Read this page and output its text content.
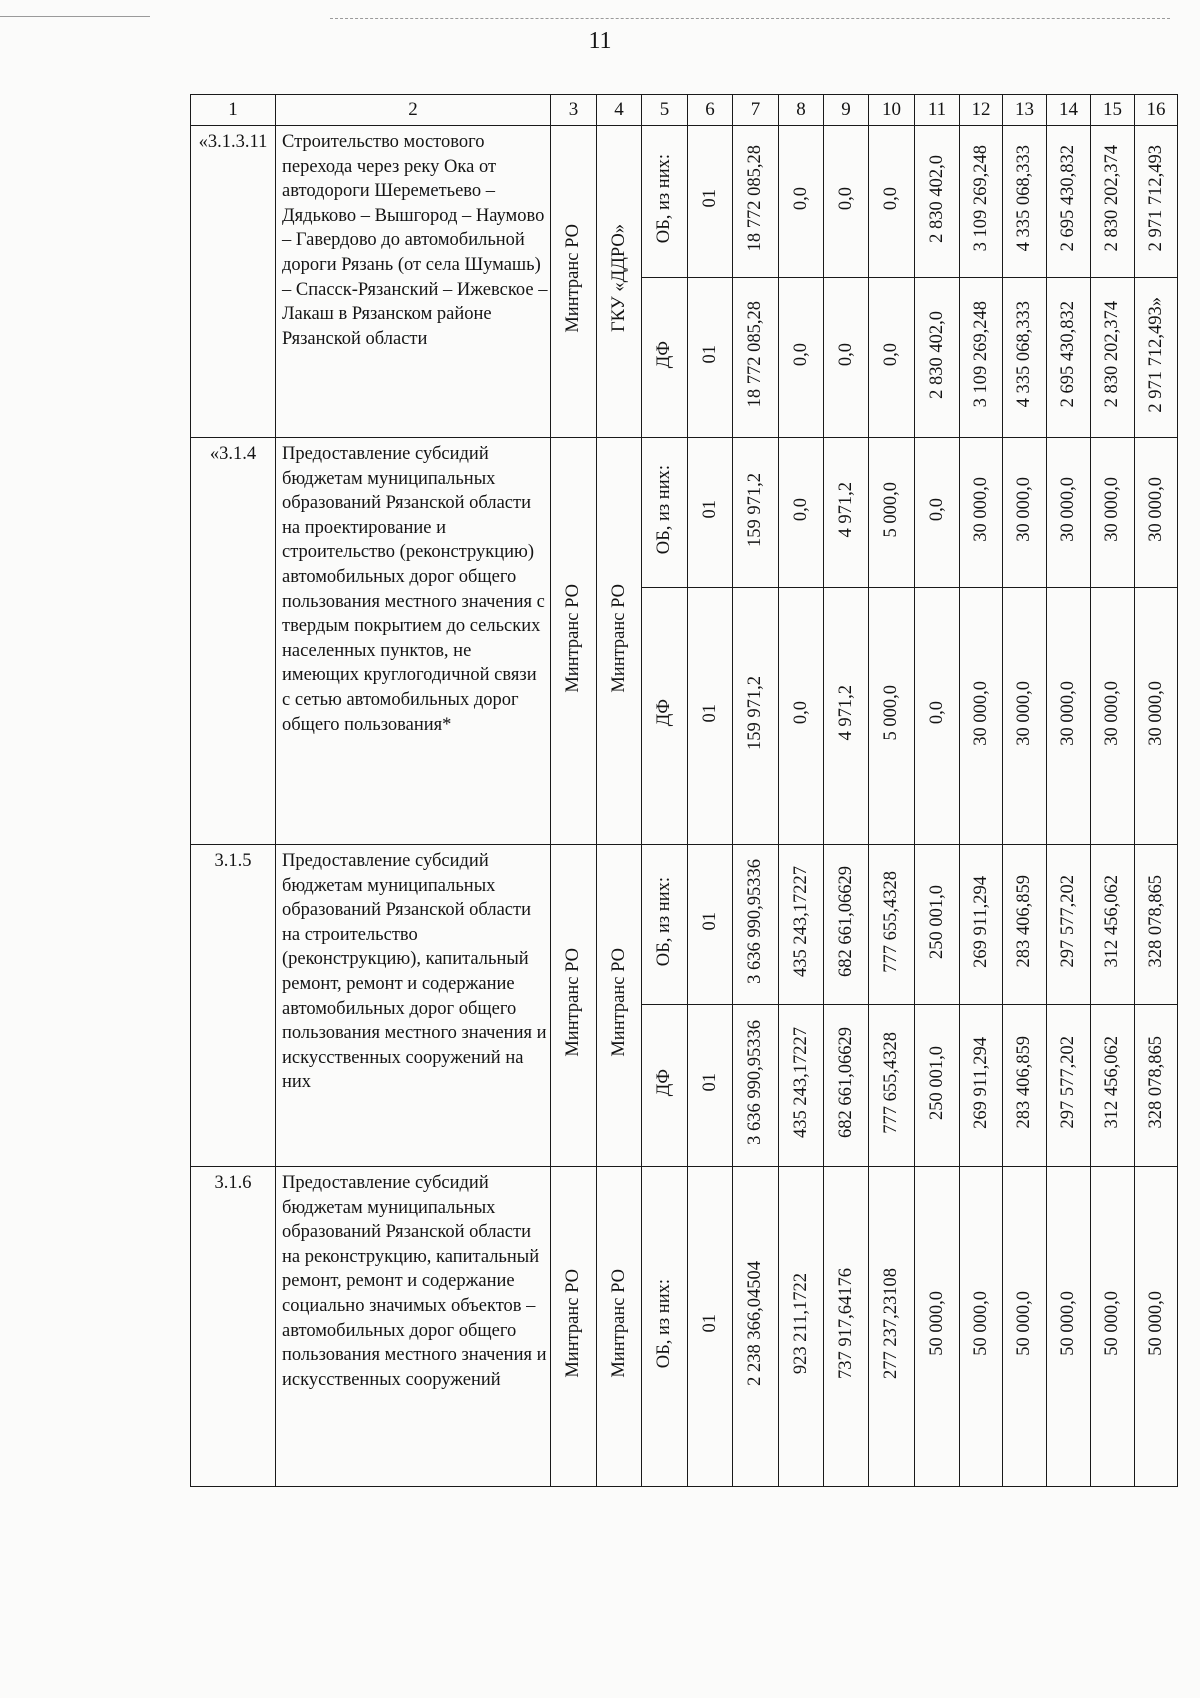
11
1	2	3	4	5	6	7	8	9	10	11	12	13	14	15	16
«3.1.3.11	Строительство мостового перехода через реку Ока от автодороги Шереметьево – Дядьково – Вышгород – Наумово – Гавердово до автомобильной дороги Рязань (от села Шумашь) – Спасск-Рязанский – Ижевское – Лакаш в Рязанском районе Рязанской области	Минтранс РО	ГКУ «ДДРО»	ОБ, из них:	01	18 772 085,28	0,0	0,0	0,0	2 830 402,0	3 109 269,248	4 335 068,333	2 695 430,832	2 830 202,374	2 971 712,493
				ДФ	01	18 772 085,28	0,0	0,0	0,0	2 830 402,0	3 109 269,248	4 335 068,333	2 695 430,832	2 830 202,374	2 971 712,493»
«3.1.4	Предоставление субсидий бюджетам муниципальных образований Рязанской области на проектирование и строительство (реконструкцию) автомобильных дорог общего пользования местного значения с твердым покрытием до сельских населенных пунктов, не имеющих круглогодичной связи с сетью автомобильных дорог общего пользования*	Минтранс РО	Минтранс РО	ОБ, из них:	01	159 971,2	0,0	4 971,2	5 000,0	0,0	30 000,0	30 000,0	30 000,0	30 000,0	30 000,0
				ДФ	01	159 971,2	0,0	4 971,2	5 000,0	0,0	30 000,0	30 000,0	30 000,0	30 000,0	30 000,0
3.1.5	Предоставление субсидий бюджетам муниципальных образований Рязанской области на строительство (реконструкцию), капитальный ремонт, ремонт и содержание автомобильных дорог общего пользования местного значения и искусственных сооружений на них	Минтранс РО	Минтранс РО	ОБ, из них:	01	3 636 990,95336	435 243,17227	682 661,06629	777 655,4328	250 001,0	269 911,294	283 406,859	297 577,202	312 456,062	328 078,865
				ДФ	01	3 636 990,95336	435 243,17227	682 661,06629	777 655,4328	250 001,0	269 911,294	283 406,859	297 577,202	312 456,062	328 078,865
3.1.6	Предоставление субсидий бюджетам муниципальных образований Рязанской области на реконструкцию, капитальный ремонт, ремонт и содержание социально значимых объектов – автомобильных дорог общего пользования местного значения и искусственных сооружений	Минтранс РО	Минтранс РО	ОБ, из них:	01	2 238 366,04504	923 211,1722	737 917,64176	277 237,23108	50 000,0	50 000,0	50 000,0	50 000,0	50 000,0	50 000,0
